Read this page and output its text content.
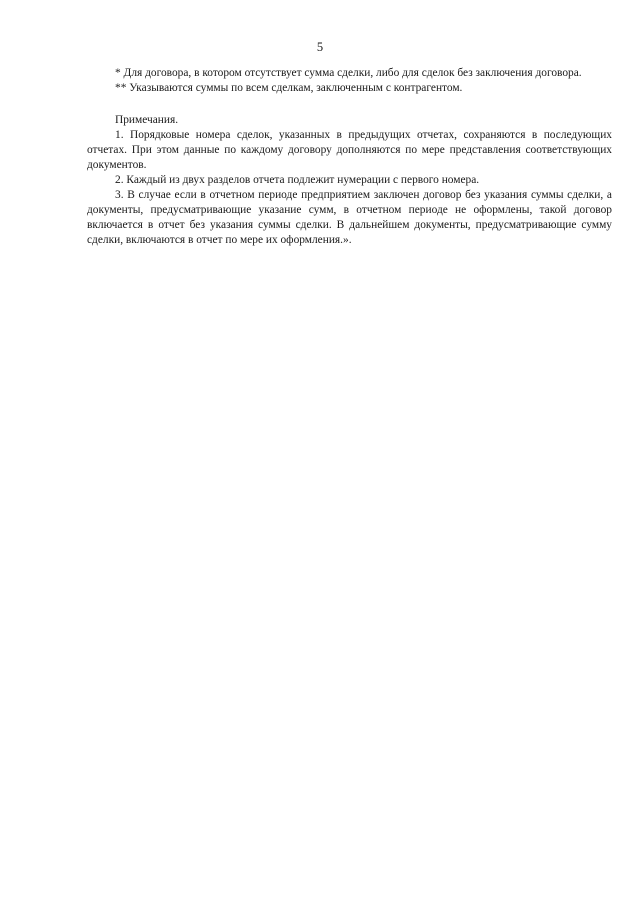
5

* Для договора, в котором отсутствует сумма сделки, либо для сделок без заключения договора.

** Указываются суммы по всем сделкам, заключенным с контрагентом.

Примечания.

1. Порядковые номера сделок, указанных в предыдущих отчетах, сохраняются в последующих отчетах. При этом данные по каждому договору дополняются по мере представления соответствующих документов.

2. Каждый из двух разделов отчета подлежит нумерации с первого номера.

3. В случае если в отчетном периоде предприятием заключен договор без указания суммы сделки, а документы, предусматривающие указание сумм, в отчетном периоде не оформлены, такой договор включается в отчет без указания суммы сделки. В дальнейшем документы, предусматривающие сумму сделки, включаются в отчет по мере их оформления.».
